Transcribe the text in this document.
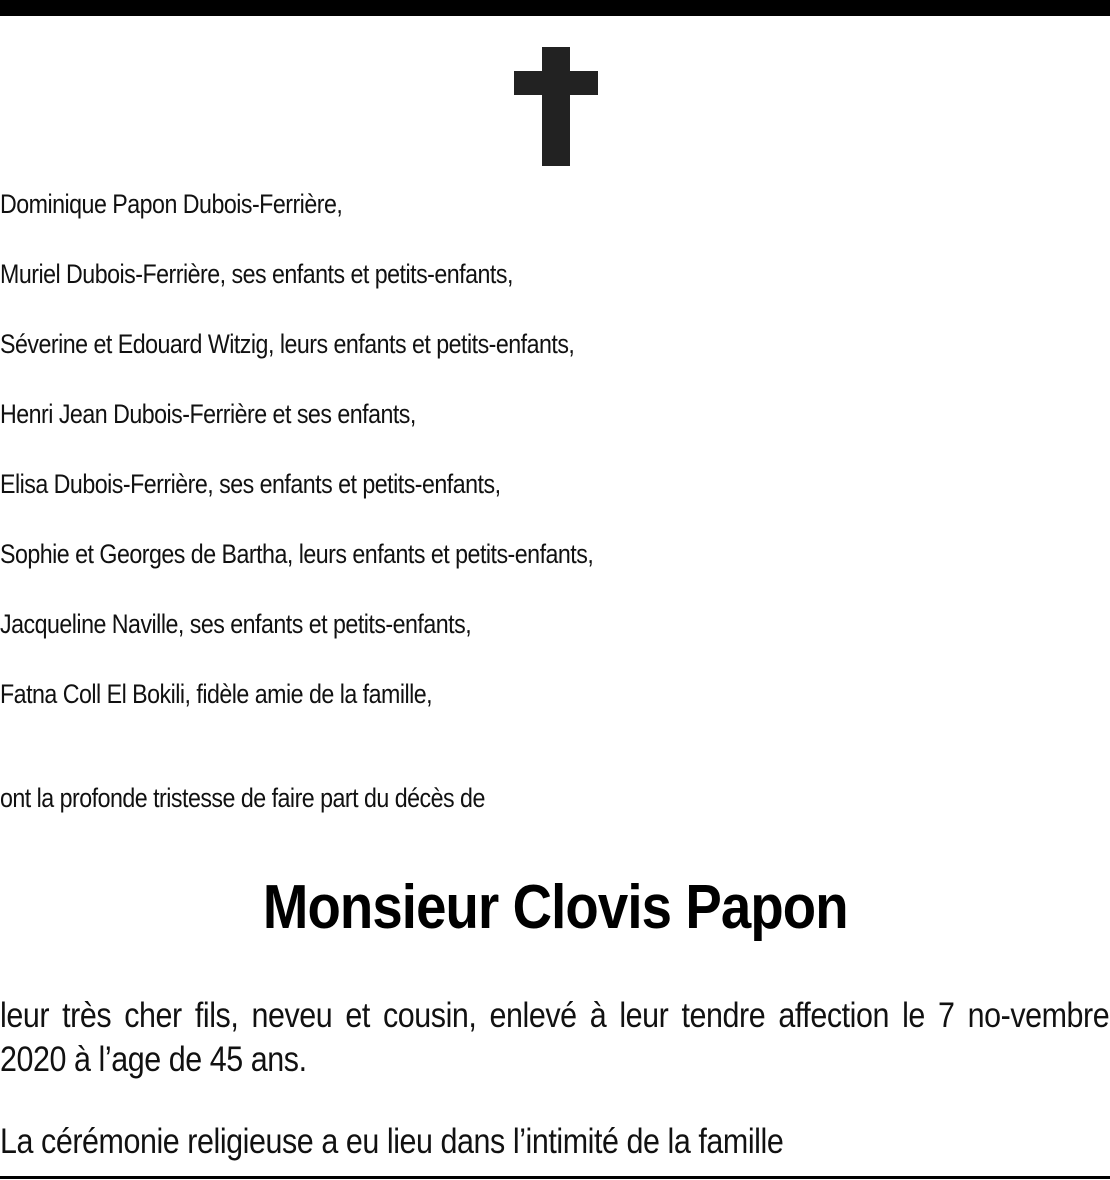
Dominique Papon Dubois-Ferrière,
Muriel Dubois-Ferrière, ses enfants et petits-enfants,
Séverine et Edouard Witzig, leurs enfants et petits-enfants,
Henri Jean Dubois-Ferrière et ses enfants,
Elisa Dubois-Ferrière, ses enfants et petits-enfants,
Sophie et Georges de Bartha, leurs enfants et petits-enfants,
Jacqueline Naville, ses enfants et petits-enfants,
Fatna Coll El Bokili, fidèle amie de la famille,
ont la profonde tristesse de faire part du décès de
Monsieur Clovis Papon
leur très cher fils, neveu et cousin, enlevé à leur tendre affection le 7 no-vembre 2020 à l’age de 45 ans.
La cérémonie religieuse a eu lieu dans l’intimité de la famille
